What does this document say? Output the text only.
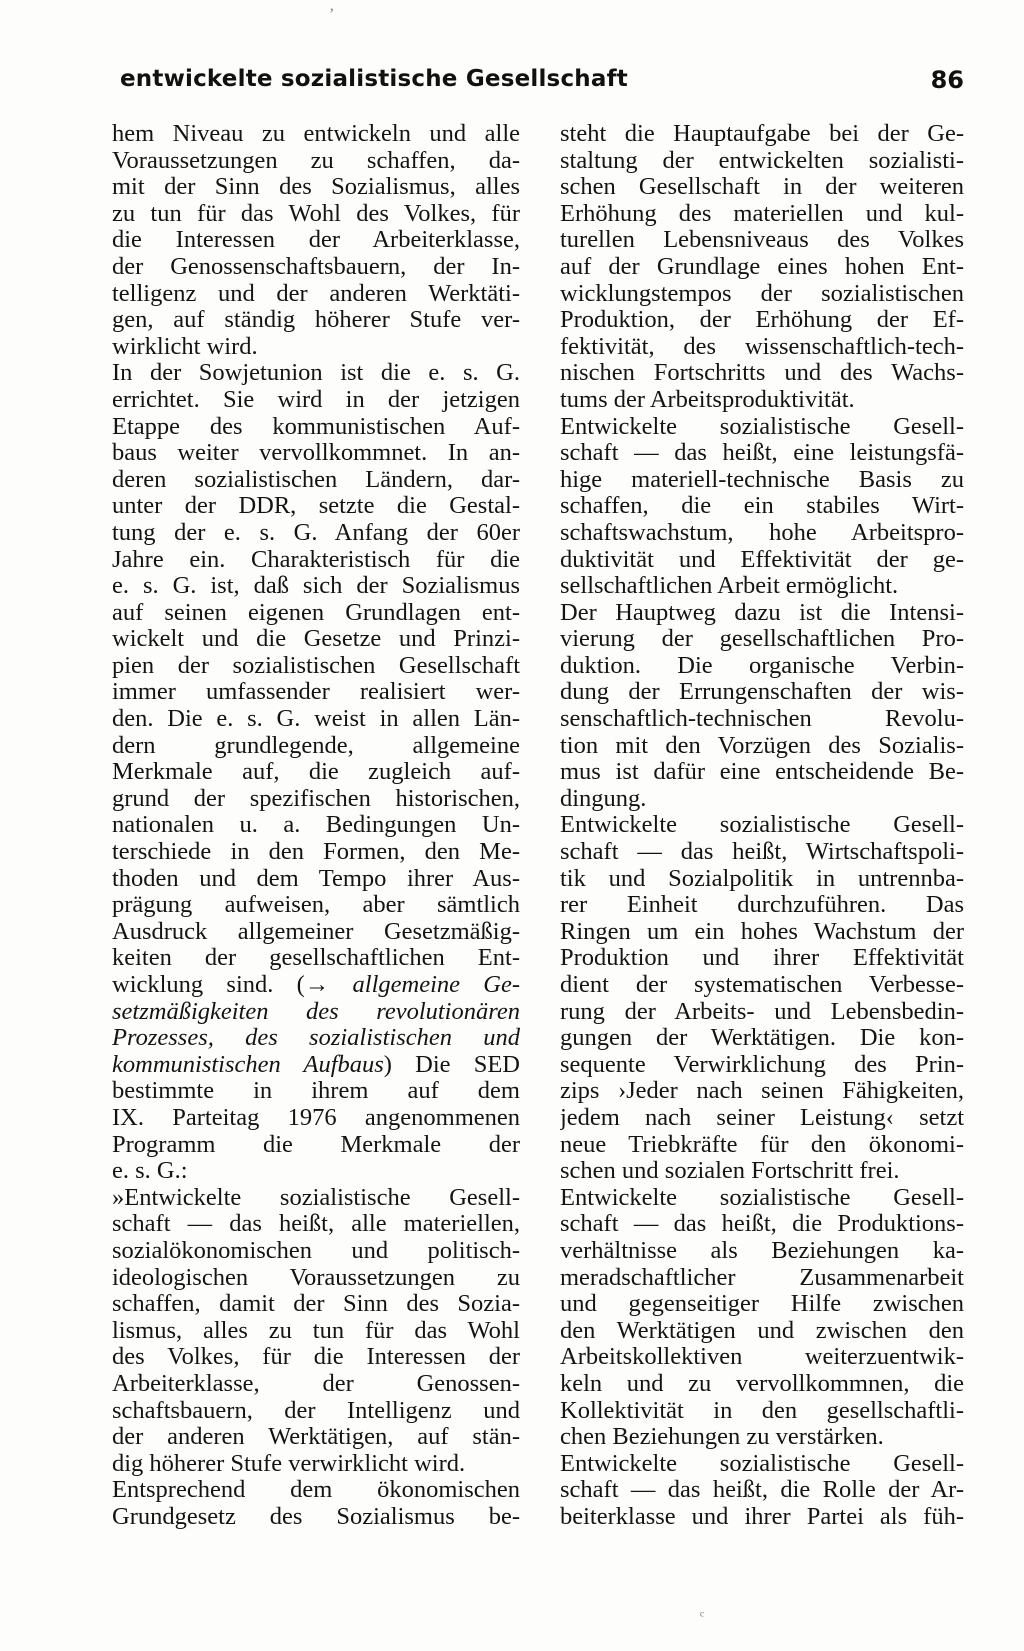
entwickelte sozialistische Gesellschaft	86
hem Niveau zu entwickeln und alle
Voraussetzungen zu schaffen, da-
mit der Sinn des Sozialismus, alles
zu tun für das Wohl des Volkes, für
die Interessen der Arbeiterklasse,
der Genossenschaftsbauern, der In-
telligenz und der anderen Werktäti-
gen, auf ständig höherer Stufe ver-
wirklicht wird.
In der Sowjetunion ist die e. s. G.
errichtet. Sie wird in der jetzigen
Etappe des kommunistischen Auf-
baus weiter vervollkommnet. In an-
deren sozialistischen Ländern, dar-
unter der DDR, setzte die Gestal-
tung der e. s. G. Anfang der 60er
Jahre ein. Charakteristisch für die
e. s. G. ist, daß sich der Sozialismus
auf seinen eigenen Grundlagen ent-
wickelt und die Gesetze und Prinzi-
pien der sozialistischen Gesellschaft
immer umfassender realisiert wer-
den. Die e. s. G. weist in allen Län-
dern grundlegende, allgemeine
Merkmale auf, die zugleich auf-
grund der spezifischen historischen,
nationalen u. a. Bedingungen Un-
terschiede in den Formen, den Me-
thoden und dem Tempo ihrer Aus-
prägung aufweisen, aber sämtlich
Ausdruck allgemeiner Gesetzmäßig-
keiten der gesellschaftlichen Ent-
wicklung sind. (→ allgemeine Ge-
setzmäßigkeiten des revolutionären
Prozesses, des sozialistischen und
kommunistischen Aufbaus) Die SED
bestimmte in ihrem auf dem
IX. Parteitag 1976 angenommenen
Programm die Merkmale der
e. s. G.:
»Entwickelte sozialistische Gesell-
schaft — das heißt, alle materiellen,
sozialökonomischen und politisch-
ideologischen Voraussetzungen zu
schaffen, damit der Sinn des Sozia-
lismus, alles zu tun für das Wohl
des Volkes, für die Interessen der
Arbeiterklasse, der Genossen-
schaftsbauern, der Intelligenz und
der anderen Werktätigen, auf stän-
dig höherer Stufe verwirklicht wird.
Entsprechend dem ökonomischen
Grundgesetz des Sozialismus be-
steht die Hauptaufgabe bei der Ge-
staltung der entwickelten sozialisti-
schen Gesellschaft in der weiteren
Erhöhung des materiellen und kul-
turellen Lebensniveaus des Volkes
auf der Grundlage eines hohen Ent-
wicklungstempos der sozialistischen
Produktion, der Erhöhung der Ef-
fektivität, des wissenschaftlich-tech-
nischen Fortschritts und des Wachs-
tums der Arbeitsproduktivität.
Entwickelte sozialistische Gesell-
schaft — das heißt, eine leistungsfä-
hige materiell-technische Basis zu
schaffen, die ein stabiles Wirt-
schaftswachstum, hohe Arbeitspro-
duktivität und Effektivität der ge-
sellschaftlichen Arbeit ermöglicht.
Der Hauptweg dazu ist die Intensi-
vierung der gesellschaftlichen Pro-
duktion. Die organische Verbin-
dung der Errungenschaften der wis-
senschaftlich-technischen Revolu-
tion mit den Vorzügen des Sozialis-
mus ist dafür eine entscheidende Be-
dingung.
Entwickelte sozialistische Gesell-
schaft — das heißt, Wirtschaftspoli-
tik und Sozialpolitik in untrennba-
rer Einheit durchzuführen. Das
Ringen um ein hohes Wachstum der
Produktion und ihrer Effektivität
dient der systematischen Verbesse-
rung der Arbeits- und Lebensbedin-
gungen der Werktätigen. Die kon-
sequente Verwirklichung des Prin-
zips ›Jeder nach seinen Fähigkeiten,
jedem nach seiner Leistung‹ setzt
neue Triebkräfte für den ökonomi-
schen und sozialen Fortschritt frei.
Entwickelte sozialistische Gesell-
schaft — das heißt, die Produktions-
verhältnisse als Beziehungen ka-
meradschaftlicher Zusammenarbeit
und gegenseitiger Hilfe zwischen
den Werktätigen und zwischen den
Arbeitskollektiven weiterzuentwik-
keln und zu vervollkommnen, die
Kollektivität in den gesellschaftli-
chen Beziehungen zu verstärken.
Entwickelte sozialistische Gesell-
schaft — das heißt, die Rolle der Ar-
beiterklasse und ihrer Partei als füh-
ʼ
ᶜ
